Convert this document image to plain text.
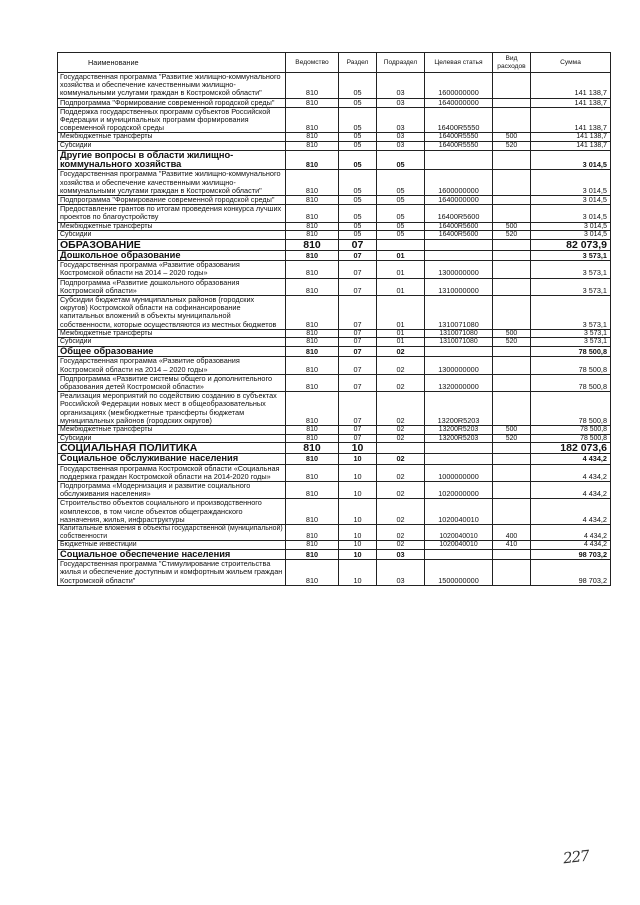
Наименование	Ведомство	Раздел	Подраздел	Целевая статья	Вид расходов	Сумма
Государственная программа "Развитие жилищно-коммунального хозяйства и обеспечение качественными жилищно-коммунальными услугами граждан в Костромской области"	810	05	03	1600000000		141 138,7
Подпрограмма "Формирование современной городской среды"	810	05	03	1640000000		141 138,7
Поддержка государственных программ субъектов Российской Федерации и муниципальных программ формирования современной городской среды	810	05	03	16400R5550		141 138,7
Межбюджетные трансферты	810	05	03	16400R5550	500	141 138,7
Субсидии	810	05	03	16400R5550	520	141 138,7
Другие вопросы в области жилищно-коммунального хозяйства	810	05	05			3 014,5
Государственная программа "Развитие жилищно-коммунального хозяйства и обеспечение качественными жилищно-коммунальными услугами граждан в Костромской области"	810	05	05	1600000000		3 014,5
Подпрограмма "Формирование современной городской среды"	810	05	05	1640000000		3 014,5
Предоставление грантов по итогам проведения конкурса лучших проектов по благоустройству	810	05	05	16400R5600		3 014,5
Межбюджетные трансферты	810	05	05	16400R5600	500	3 014,5
Субсидии	810	05	05	16400R5600	520	3 014,5
ОБРАЗОВАНИЕ	810	07				82 073,9
Дошкольное образование	810	07	01			3 573,1
Государственная программа «Развитие образования Костромской области на 2014 – 2020 годы»	810	07	01	1300000000		3 573,1
Подпрограмма «Развитие дошкольного образования Костромской области»	810	07	01	1310000000		3 573,1
Субсидии бюджетам муниципальных районов (городских округов) Костромской области на софинансирование капитальных вложений в объекты муниципальной собственности, которые осуществляются из местных бюджетов	810	07	01	1310071080		3 573,1
Межбюджетные трансферты	810	07	01	1310071080	500	3 573,1
Субсидии	810	07	01	1310071080	520	3 573,1
Общее образование	810	07	02			78 500,8
Государственная программа «Развитие образования Костромской области на 2014 – 2020 годы»	810	07	02	1300000000		78 500,8
Подпрограмма «Развитие системы общего и дополнительного образования детей Костромской области»	810	07	02	1320000000		78 500,8
Реализация мероприятий по содействию созданию в субъектах Российской Федерации новых мест в общеобразовательных организациях (межбюджетные трансферты бюджетам муниципальных районов (городских округов)	810	07	02	13200R5203		78 500,8
Межбюджетные трансферты	810	07	02	13200R5203	500	78 500,8
Субсидии	810	07	02	13200R5203	520	78 500,8
СОЦИАЛЬНАЯ ПОЛИТИКА	810	10				182 073,6
Социальное обслуживание населения	810	10	02			4 434,2
Государственная программа Костромской области «Социальная поддержка граждан Костромской области на 2014-2020 годы»	810	10	02	1000000000		4 434,2
Подпрограмма «Модернизация и развитие социального обслуживания населения»	810	10	02	1020000000		4 434,2
Строительство объектов социального и производственного комплексов, в том числе объектов общегражданского назначения, жилья, инфраструктуры	810	10	02	1020040010		4 434,2
Капитальные вложения в объекты государственной (муниципальной) собственности	810	10	02	1020040010	400	4 434,2
Бюджетные инвестиции	810	10	02	1020040010	410	4 434,2
Социальное обеспечение населения	810	10	03			98 703,2
Государственная программа "Стимулирование строительства жилья и обеспечение доступным и комфортным жильем граждан Костромской области"	810	10	03	1500000000		98 703,2
227
